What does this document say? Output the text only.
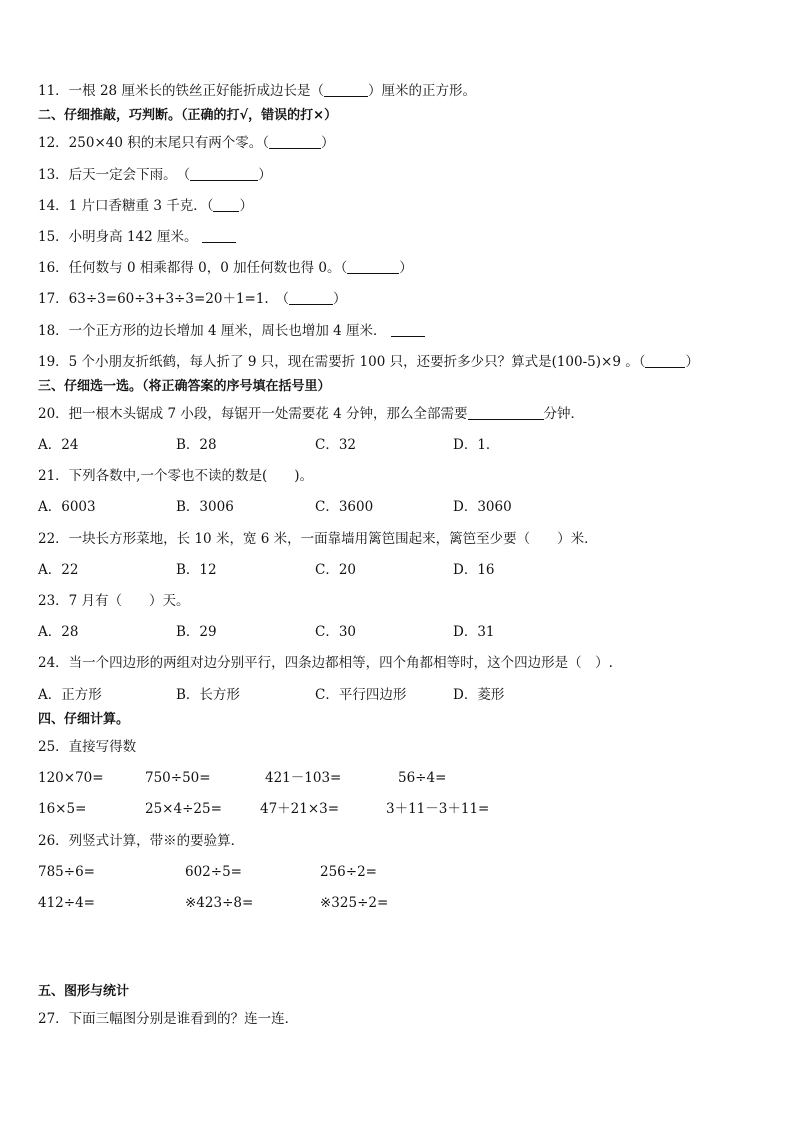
11．一根 28 厘米长的铁丝正好能折成边长是（	）厘米的正方形。
二、仔细推敲，巧判断。（正确的打√，错误的打×）
12．250×40 积的末尾只有两个零。（	）
13．后天一定会下雨。　（	）
14．1 片口香糖重 3 千克．（ ）
15．小明身高 142 厘米。
16．任何数与 0 相乘都得 0，0 加任何数也得 0。（	）
17．63÷3=60÷3+3÷3=20＋1=1.　（	）
18．一个正方形的边长增加 4 厘米，周长也增加 4 厘米．
19．5 个小朋友折纸鹤，每人折了 9 只，现在需要折 100 只，还要折多少只？算式是(100-5)×9 。（	）
三、仔细选一选。（将正确答案的序号填在括号里）
20．把一根木头锯成 7 小段，每锯开一处需要花 4 分钟，那么全部需要	分钟．
A．24	B．28	C．32	D．1．
21．下列各数中,一个零也不读的数是(　　)。
A．6003	B．3006	C．3600	D．3060
22．一块长方形菜地，长 10 米，宽 6 米，一面靠墙用篱笆围起来，篱笆至少要（　　）米．
A．22	B．12	C．20	D．16
23．7 月有（　　）天。
A．28	B．29	C．30	D．31
24．当一个四边形的两组对边分别平行，四条边都相等，四个角都相等时，这个四边形是（　）.
A．正方形	B．长方形	C．平行四边形	D．菱形
四、仔细计算。
25．直接写得数
120×70=	750÷50=	421－103=	56÷4=
16×5=	25×4÷25=	47＋21×3=	3＋11－3＋11=
26．列竖式计算，带※的要验算．
785÷6=	602÷5=	256÷2=
412÷4=	※423÷8=	※325÷2=
五、图形与统计
27．下面三幅图分别是谁看到的？连一连．
